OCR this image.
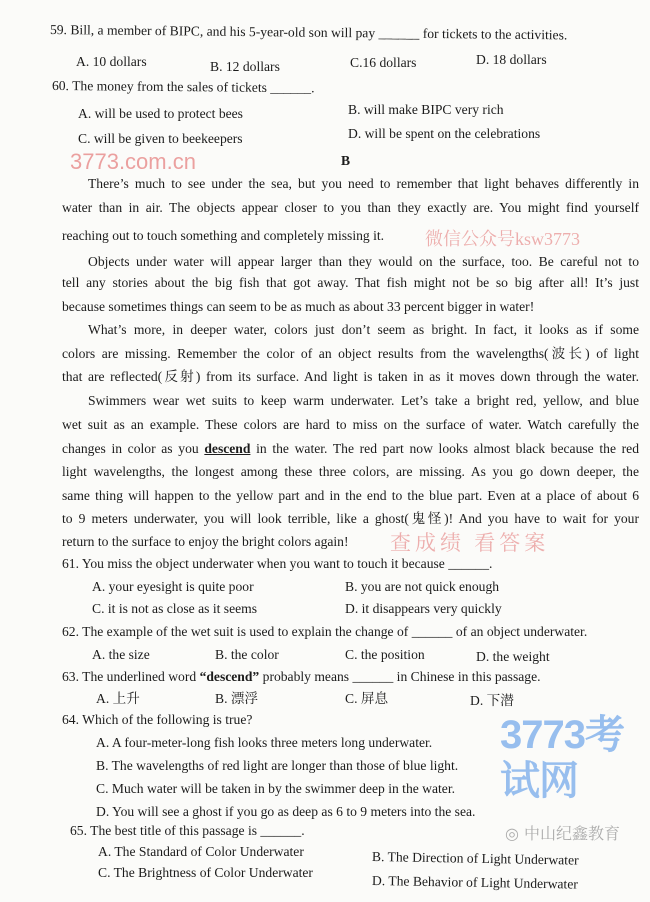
59. Bill, a member of BIPC, and his 5-year-old son will pay ______ for tickets to the activities.
A. 10 dollars	B. 12 dollars	C.16 dollars	D. 18 dollars
60. The money from the sales of tickets ______.
A. will be used to protect bees	B. will make BIPC very rich
C. will be given to beekeepers	D. will be spent on the celebrations
B
There’s much to see under the sea, but you need to remember that light behaves differently in
water than in air. The objects appear closer to you than they exactly are. You might find yourself
reaching out to touch something and completely missing it.
Objects under water will appear larger than they would on the surface, too. Be careful not to
tell any stories about the big fish that got away. That fish might not be so big after all! It’s just
because sometimes things can seem to be as much as about 33 percent bigger in water!
What’s more, in deeper water, colors just don’t seem as bright. In fact, it looks as if some
colors are missing. Remember the color of an object results from the wavelengths(波长) of light
that are reflected(反射) from its surface. And light is taken in as it moves down through the water.
Swimmers wear wet suits to keep warm underwater. Let’s take a bright red, yellow, and blue
wet suit as an example. These colors are hard to miss on the surface of water. Watch carefully the
changes in color as you descend in the water. The red part now looks almost black because the red
light wavelengths, the longest among these three colors, are missing. As you go down deeper, the
same thing will happen to the yellow part and in the end to the blue part. Even at a place of about 6
to 9 meters underwater, you will look terrible, like a ghost(鬼怪)! And you have to wait for your
return to the surface to enjoy the bright colors again!
61. You miss the object underwater when you want to touch it because ______.
A. your eyesight is quite poor	B. you are not quick enough
C. it is not as close as it seems	D. it disappears very quickly
62. The example of the wet suit is used to explain the change of ______ of an object underwater.
A. the size	B. the color	C. the position	D. the weight
63. The underlined word “descend” probably means ______ in Chinese in this passage.
A. 上升	B. 漂浮	C. 屏息	D. 下潜
64. Which of the following is true?
A. A four-meter-long fish looks three meters long underwater.
B. The wavelengths of red light are longer than those of blue light.
C. Much water will be taken in by the swimmer deep in the water.
D. You will see a ghost if you go as deep as 6 to 9 meters into the sea.
65. The best title of this passage is ______.
A. The Standard of Color Underwater	B. The Direction of Light Underwater
C. The Brightness of Color Underwater
D. The Behavior of Light Underwater
3773考试网
3773.com.cn
查成绩 看答案
微信公众号ksw3773
◎ 中山纪鑫教育
